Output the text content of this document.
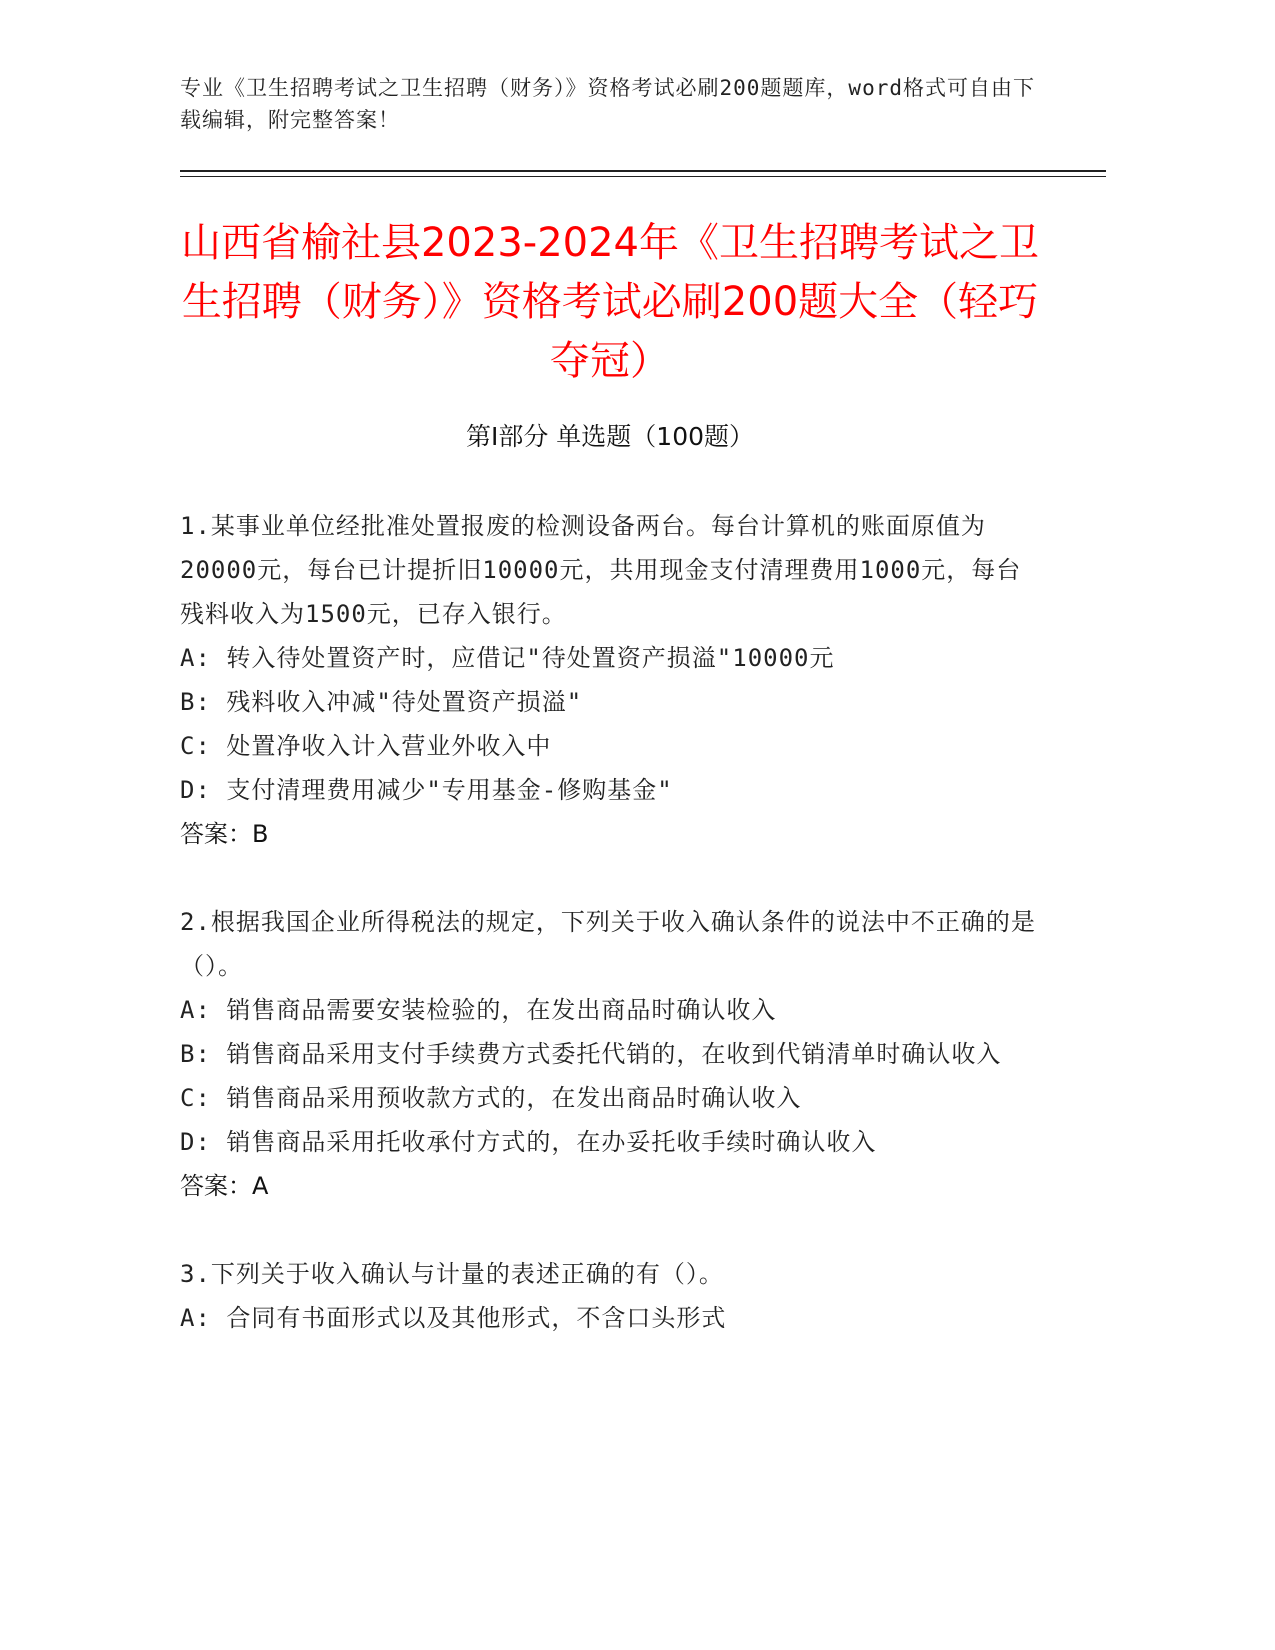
专业《卫生招聘考试之卫生招聘（财务）》资格考试必刷200题题库，word格式可自由下载编辑，附完整答案！
山西省榆社县2023-2024年《卫生招聘考试之卫生招聘（财务）》资格考试必刷200题大全（轻巧夺冠）
第Ⅰ部分 单选题（100题）
1.某事业单位经批准处置报废的检测设备两台。每台计算机的账面原值为20000元，每台已计提折旧10000元，共用现金支付清理费用1000元，每台残料收入为1500元，已存入银行。
A: 转入待处置资产时，应借记"待处置资产损溢"10000元
B: 残料收入冲减"待处置资产损溢"
C: 处置净收入计入营业外收入中
D: 支付清理费用减少"专用基金-修购基金"
答案：B
2.根据我国企业所得税法的规定，下列关于收入确认条件的说法中不正确的是（）。
A: 销售商品需要安装检验的，在发出商品时确认收入
B: 销售商品采用支付手续费方式委托代销的，在收到代销清单时确认收入
C: 销售商品采用预收款方式的，在发出商品时确认收入
D: 销售商品采用托收承付方式的，在办妥托收手续时确认收入
答案：A
3.下列关于收入确认与计量的表述正确的有（）。
A: 合同有书面形式以及其他形式，不含口头形式
